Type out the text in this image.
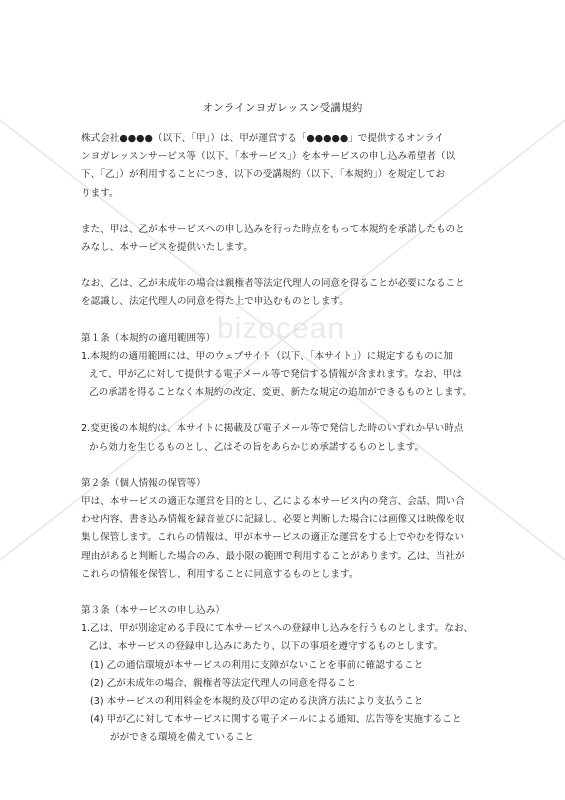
bizocean
オンラインヨガレッスン受講規約

株式会社●●●●（以下、「甲」）は、甲が運営する「●●●●●」で提供するオンライ

ンヨガレッスンサービス等（以下、「本サービス」）を本サービスの申し込み希望者（以

下、「乙」）が利用することにつき、以下の受講規約（以下、「本規約」）を規定してお

ります。

また、甲は、乙が本サービスへの申し込みを行った時点をもって本規約を承諾したものと

みなし、本サービスを提供いたします。

なお、乙は、乙が未成年の場合は親権者等法定代理人の同意を得ることが必要になること

を認識し、法定代理人の同意を得た上で申込むものとします。

第１条（本規約の適用範囲等）

1.本規約の適用範囲には、甲のウェブサイト（以下、「本サイト」）に規定するものに加

えて、甲が乙に対して提供する電子メール等で発信する情報が含まれます。なお、甲は

乙の承諾を得ることなく本規約の改定、変更、新たな規定の追加ができるものとします。

2.変更後の本規約は、本サイトに掲載及び電子メール等で発信した時のいずれか早い時点

から効力を生じるものとし、乙はその旨をあらかじめ承諾するものとします。

第２条（個人情報の保管等）

甲は、本サービスの適正な運営を目的とし、乙による本サービス内の発言、会話、問い合

わせ内容、書き込み情報を録音並びに記録し、必要と判断した場合には画像又は映像を収

集し保管します。これらの情報は、甲が本サービスの適正な運営をする上でやむを得ない

理由があると判断した場合のみ、最小限の範囲で利用することがあります。乙は、当社が

これらの情報を保管し、利用することに同意するものとします。

第３条（本サービスの申し込み）

1.乙は、甲が別途定める手段にて本サービスへの登録申し込みを行うものとします。なお、

乙は、本サービスの登録申し込みにあたり、以下の事項を遵守するものとします。

(1) 乙の通信環境が本サービスの利用に支障がないことを事前に確認すること

(2) 乙が未成年の場合、親権者等法定代理人の同意を得ること

(3) 本サービスの利用料金を本規約及び甲の定める決済方法により支払うこと

(4) 甲が乙に対して本サービスに関する電子メールによる通知、広告等を実施すること

がができる環境を備えていること
